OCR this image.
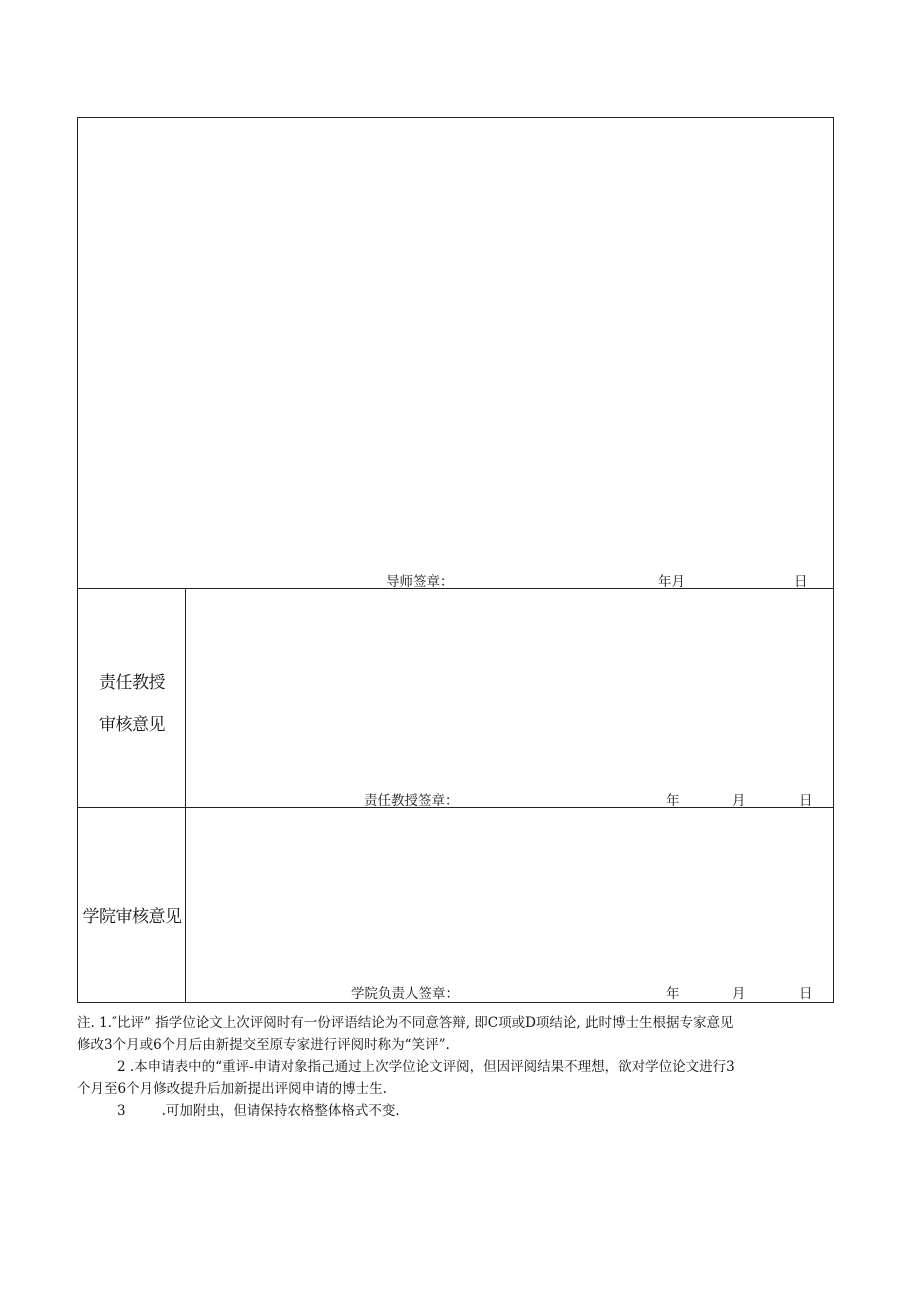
导师签章：	年月	日
责任教授
审核意见
责任教授签章：	年	月	日
学院审核意见
学院负责人签章：	年	月	日
注. 1.″比评” 指学位论文上次评阅时有一份评语结论为不同意答辩, 即C项或D项结论, 此时博士生根据专家意见
修改3个月或6个月后由新提交至原专家进行评阅时称为“笑评”.
2 .本申请表中的“重评-申请对象指己通过上次学位论文评阅，但因评阅结果不理想，欲对学位论文进行3
个月至6个月修改提升后加新提出评阅申请的博士生.
3	.可加附虫，但请保持农格整体格式不变.
